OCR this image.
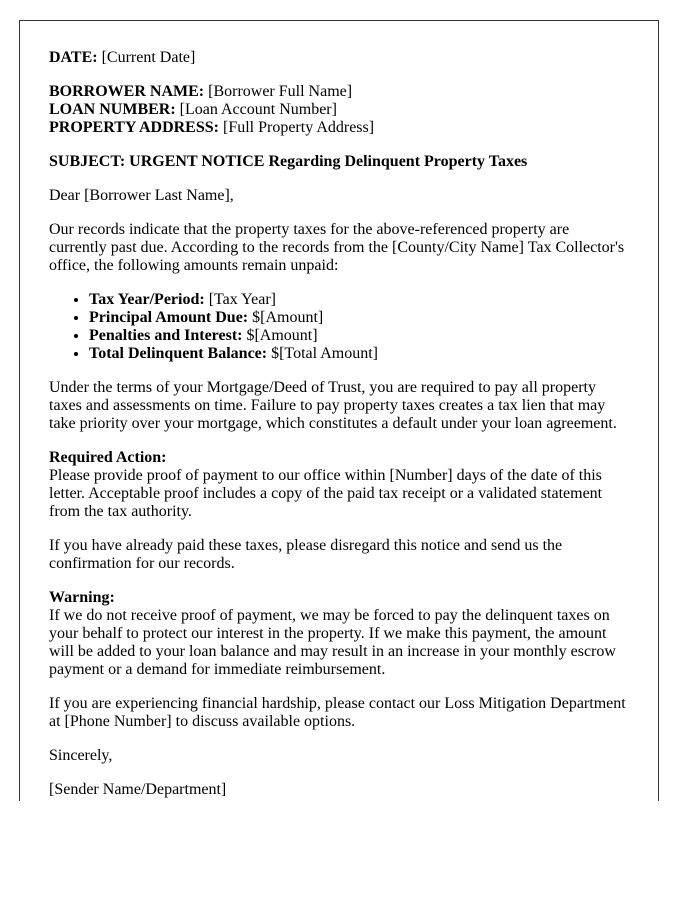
DATE: [Current Date]

BORROWER NAME: [Borrower Full Name]
LOAN NUMBER: [Loan Account Number]
PROPERTY ADDRESS: [Full Property Address]

SUBJECT: URGENT NOTICE Regarding Delinquent Property Taxes

Dear [Borrower Last Name],

Our records indicate that the property taxes for the above-referenced property are currently past due. According to the records from the [County/City Name] Tax Collector's office, the following amounts remain unpaid:

• Tax Year/Period: [Tax Year]
• Principal Amount Due: $[Amount]
• Penalties and Interest: $[Amount]
• Total Delinquent Balance: $[Total Amount]

Under the terms of your Mortgage/Deed of Trust, you are required to pay all property taxes and assessments on time. Failure to pay property taxes creates a tax lien that may take priority over your mortgage, which constitutes a default under your loan agreement.

Required Action:
Please provide proof of payment to our office within [Number] days of the date of this letter. Acceptable proof includes a copy of the paid tax receipt or a validated statement from the tax authority.

If you have already paid these taxes, please disregard this notice and send us the confirmation for our records.

Warning:
If we do not receive proof of payment, we may be forced to pay the delinquent taxes on your behalf to protect our interest in the property. If we make this payment, the amount will be added to your loan balance and may result in an increase in your monthly escrow payment or a demand for immediate reimbursement.

If you are experiencing financial hardship, please contact our Loss Mitigation Department at [Phone Number] to discuss available options.

Sincerely,

[Sender Name/Department]
